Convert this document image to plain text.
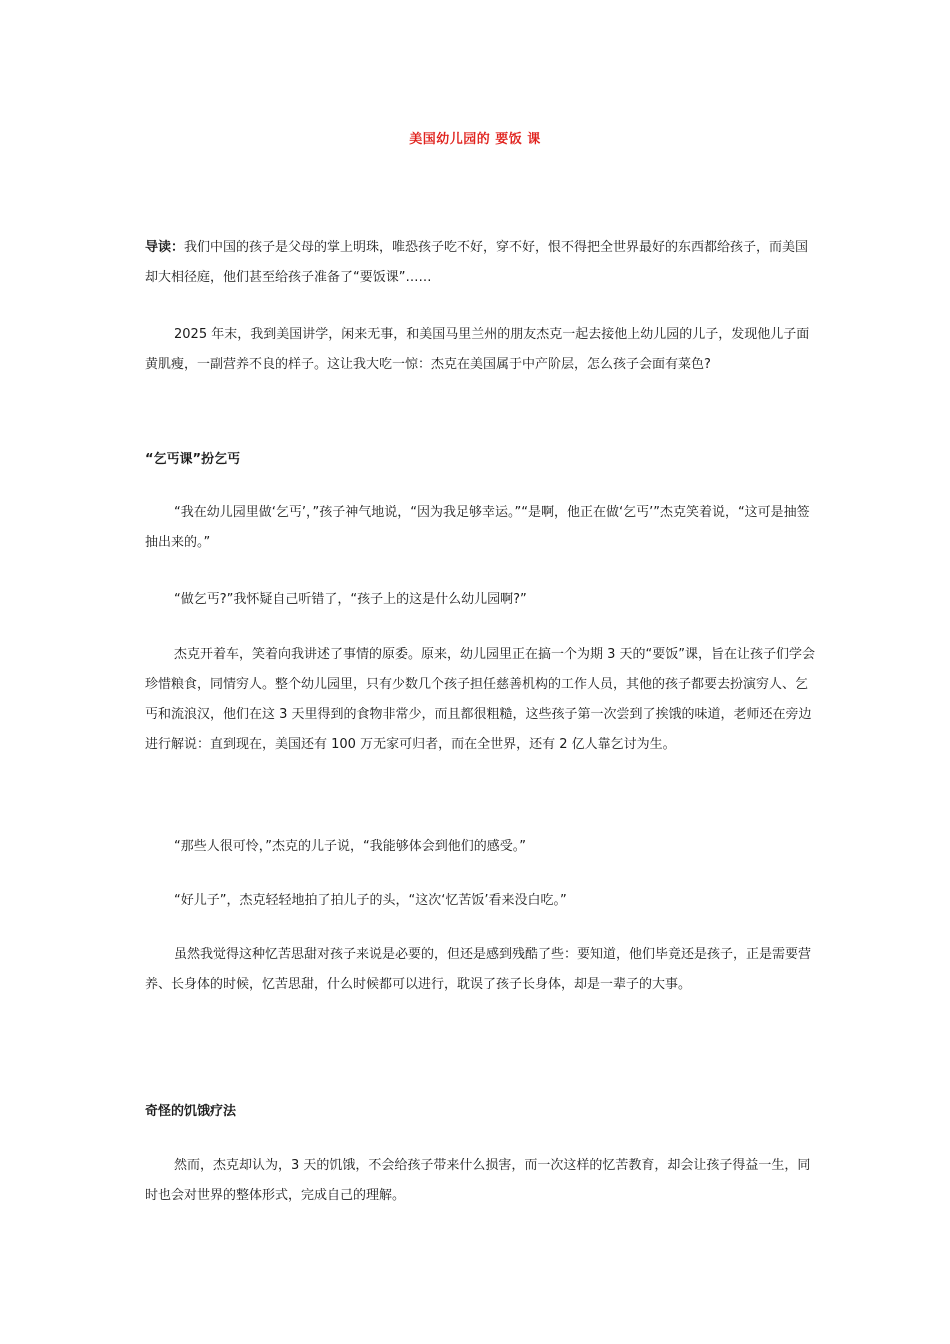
美国幼儿园的 要饭 课
导读：我们中国的孩子是父母的掌上明珠，唯恐孩子吃不好，穿不好，恨不得把全世界最好的东西都给孩子，而美国却大相径庭，他们甚至给孩子准备了“要饭课”……
2025 年末，我到美国讲学，闲来无事，和美国马里兰州的朋友杰克一起去接他上幼儿园的儿子，发现他儿子面黄肌瘦，一副营养不良的样子。这让我大吃一惊：杰克在美国属于中产阶层，怎么孩子会面有菜色?
“乞丐课”扮乞丐
“我在幼儿园里做‘乞丐’，”孩子神气地说，“因为我足够幸运。”“是啊，他正在做‘乞丐’”杰克笑着说，“这可是抽签抽出来的。”
“做乞丐?”我怀疑自己听错了，“孩子上的这是什么幼儿园啊?”
杰克开着车，笑着向我讲述了事情的原委。原来，幼儿园里正在搞一个为期 3 天的“要饭”课，旨在让孩子们学会珍惜粮食，同情穷人。整个幼儿园里，只有少数几个孩子担任慈善机构的工作人员，其他的孩子都要去扮演穷人、乞丐和流浪汉，他们在这 3 天里得到的食物非常少，而且都很粗糙，这些孩子第一次尝到了挨饿的味道，老师还在旁边进行解说：直到现在，美国还有 100 万无家可归者，而在全世界，还有 2 亿人靠乞讨为生。
“那些人很可怜，”杰克的儿子说，“我能够体会到他们的感受。”
“好儿子”，杰克轻轻地拍了拍儿子的头，“这次‘忆苦饭’看来没白吃。”
虽然我觉得这种忆苦思甜对孩子来说是必要的，但还是感到残酷了些：要知道，他们毕竟还是孩子，正是需要营养、长身体的时候，忆苦思甜，什么时候都可以进行，耽误了孩子长身体，却是一辈子的大事。
奇怪的饥饿疗法
然而，杰克却认为，3 天的饥饿，不会给孩子带来什么损害，而一次这样的忆苦教育，却会让孩子得益一生，同时也会对世界的整体形式，完成自己的理解。
